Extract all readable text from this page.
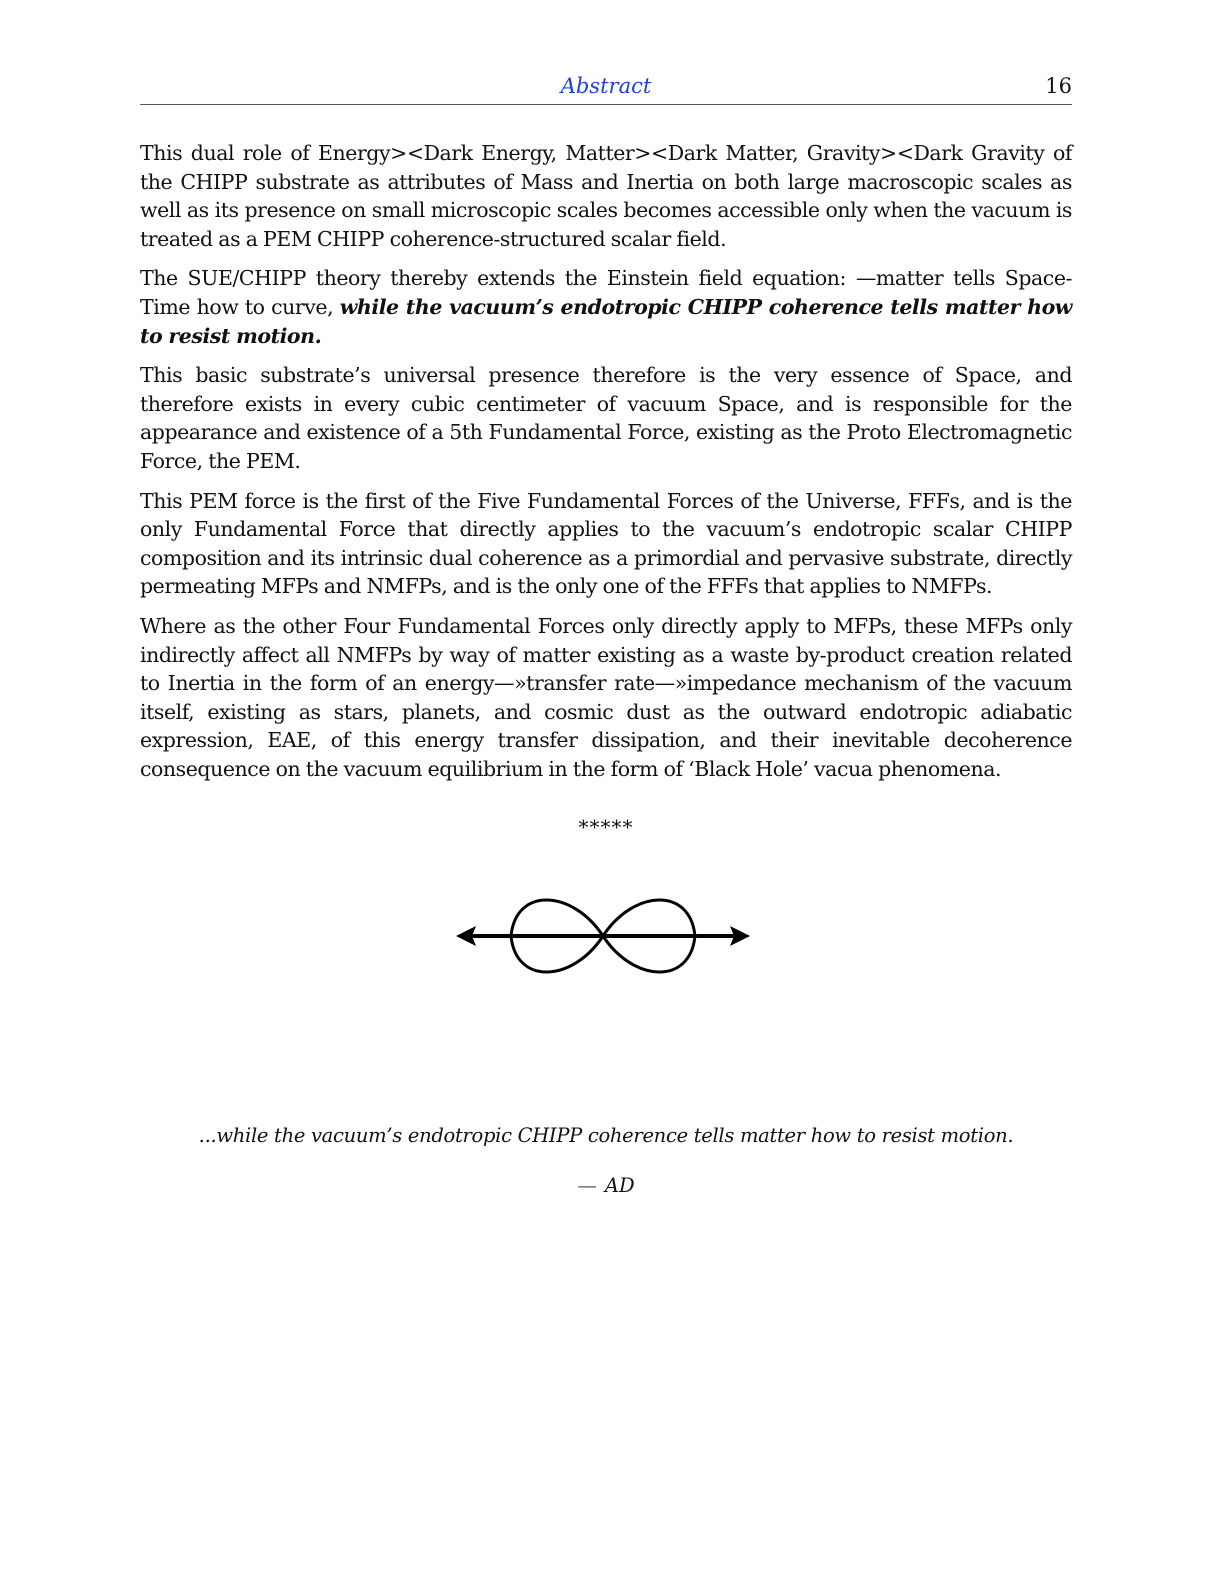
Abstract	16

This dual role of Energy><Dark Energy, Matter><Dark Matter, Gravity><Dark Gravity of the CHIPP substrate as attributes of Mass and Inertia on both large macroscopic scales as well as its presence on small microscopic scales becomes accessible only when the vacuum is treated as a PEM CHIPP coherence-structured scalar field.

The SUE/CHIPP theory thereby extends the Einstein field equation: —matter tells Space-Time how to curve, while the vacuum’s endotropic CHIPP coherence tells matter how to resist motion.

This basic substrate’s universal presence therefore is the very essence of Space, and therefore exists in every cubic centimeter of vacuum Space, and is responsible for the appearance and existence of a 5th Fundamental Force, existing as the Proto Electromagnetic Force, the PEM.

This PEM force is the first of the Five Fundamental Forces of the Universe, FFFs, and is the only Fundamental Force that directly applies to the vacuum’s endotropic scalar CHIPP composition and its intrinsic dual coherence as a primordial and pervasive substrate, directly permeating MFPs and NMFPs, and is the only one of the FFFs that applies to NMFPs.

Where as the other Four Fundamental Forces only directly apply to MFPs, these MFPs only indirectly affect all NMFPs by way of matter existing as a waste by-product creation related to Inertia in the form of an energy—»transfer rate—»impedance mechanism of the vacuum itself, existing as stars, planets, and cosmic dust as the outward endotropic adiabatic expression, EAE, of this energy transfer dissipation, and their inevitable decoherence consequence on the vacuum equilibrium in the form of ‘Black Hole’ vacua phenomena.

*****
...while the vacuum’s endotropic CHIPP coherence tells matter how to resist motion.
— AD
